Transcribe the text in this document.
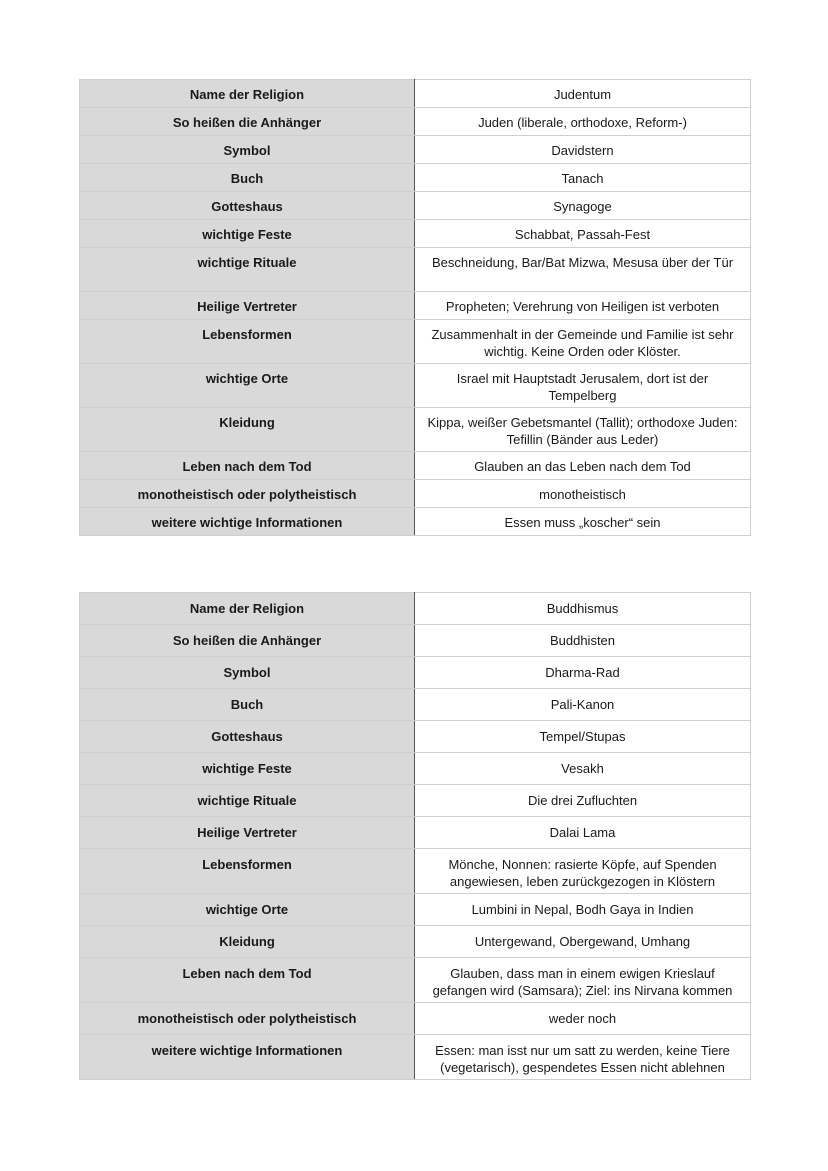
Name der Religion	Judentum
So heißen die Anhänger	Juden (liberale, orthodoxe, Reform-)
Symbol	Davidstern
Buch	Tanach
Gotteshaus	Synagoge
wichtige Feste	Schabbat, Passah-Fest
wichtige Rituale	Beschneidung, Bar/Bat Mizwa, Mesusa über der Tür
Heilige Vertreter	Propheten; Verehrung von Heiligen ist verboten
Lebensformen	Zusammenhalt in der Gemeinde und Familie ist sehr wichtig. Keine Orden oder Klöster.
wichtige Orte	Israel mit Hauptstadt Jerusalem, dort ist der Tempelberg
Kleidung	Kippa, weißer Gebetsmantel (Tallit); orthodoxe Juden: Tefillin (Bänder aus Leder)
Leben nach dem Tod	Glauben an das Leben nach dem Tod
monotheistisch oder polytheistisch	monotheistisch
weitere wichtige Informationen	Essen muss „koscher“ sein
Name der Religion	Buddhismus
So heißen die Anhänger	Buddhisten
Symbol	Dharma-Rad
Buch	Pali-Kanon
Gotteshaus	Tempel/Stupas
wichtige Feste	Vesakh
wichtige Rituale	Die drei Zufluchten
Heilige Vertreter	Dalai Lama
Lebensformen	Mönche, Nonnen: rasierte Köpfe, auf Spenden angewiesen, leben zurückgezogen in Klöstern
wichtige Orte	Lumbini in Nepal, Bodh Gaya in Indien
Kleidung	Untergewand, Obergewand, Umhang
Leben nach dem Tod	Glauben, dass man in einem ewigen Krieslauf gefangen wird (Samsara); Ziel: ins Nirvana kommen
monotheistisch oder polytheistisch	weder noch
weitere wichtige Informationen	Essen: man isst nur um satt zu werden, keine Tiere (vegetarisch), gespendetes Essen nicht ablehnen
